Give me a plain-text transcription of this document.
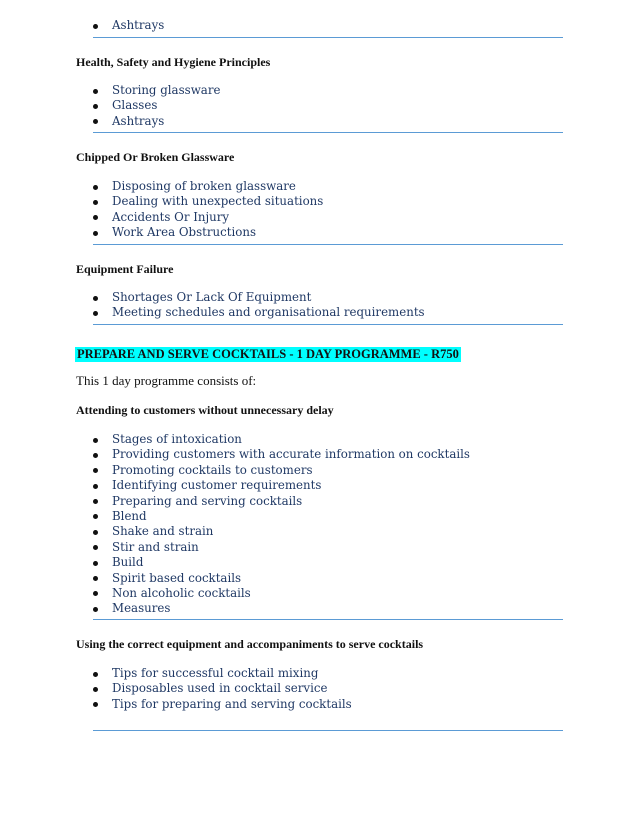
Ashtrays

Health, Safety and Hygiene Principles

Storing glassware
Glasses
Ashtrays

Chipped Or Broken Glassware

Disposing of broken glassware
Dealing with unexpected situations
Accidents Or Injury
Work Area Obstructions

Equipment Failure

Shortages Or Lack Of Equipment
Meeting schedules and organisational requirements
PREPARE AND SERVE COCKTAILS - 1 DAY PROGRAMME - R750

This 1 day programme consists of:

Attending to customers without unnecessary delay

Stages of intoxication
Providing customers with accurate information on cocktails
Promoting cocktails to customers
Identifying customer requirements
Preparing and serving cocktails
Blend
Shake and strain
Stir and strain
Build
Spirit based cocktails
Non alcoholic cocktails
Measures

Using the correct equipment and accompaniments to serve cocktails

Tips for successful cocktail mixing
Disposables used in cocktail service
Tips for preparing and serving cocktails
